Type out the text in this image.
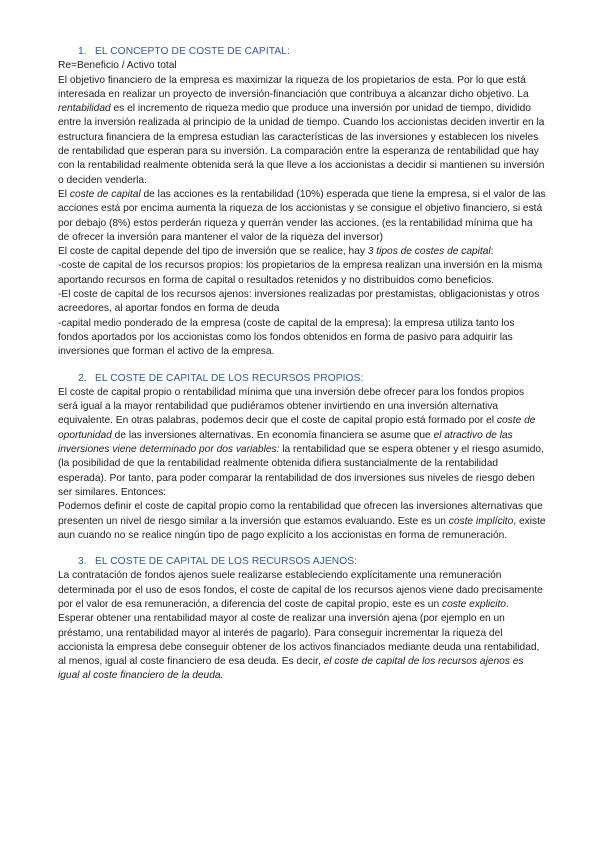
1. EL CONCEPTO DE COSTE DE CAPITAL:

Re=Beneficio / Activo total

El objetivo financiero de la empresa es maximizar la riqueza de los propietarios de esta. Por lo que está interesada en realizar un proyecto de inversión-financiación que contribuya a alcanzar dicho objetivo. La rentabilidad es el incremento de riqueza medio que produce una inversión por unidad de tiempo, dividido entre la inversión realizada al principio de la unidad de tiempo. Cuando los accionistas deciden invertir en la estructura financiera de la empresa estudian las características de las inversiones y establecen los niveles de rentabilidad que esperan para su inversión. La comparación entre la esperanza de rentabilidad que hay con la rentabilidad realmente obtenida será la que lleve a los accionistas a decidir si mantienen su inversión o deciden venderla.

El coste de capital de las acciones es la rentabilidad (10%) esperada que tiene la empresa, si el valor de las acciones está por encima aumenta la riqueza de los accionistas y se consigue el objetivo financiero, si está por debajo (8%) estos perderán riqueza y querrán vender las acciones. (es la rentabilidad mínima que ha de ofrecer la inversión para mantener el valor de la riqueza del inversor)

El coste de capital depende del tipo de inversión que se realice, hay 3 tipos de costes de capital:

-coste de capital de los recursos propios: los propietarios de la empresa realizan una inversión en la misma aportando recursos en forma de capital o resultados retenidos y no distribuidos como beneficios.

-El coste de capital de los recursos ajenos: inversiones realizadas por prestamistas, obligacionistas y otros acreedores, al aportar fondos en forma de deuda

-capital medio ponderado de la empresa (coste de capital de la empresa): la empresa utiliza tanto los fondos aportados por los accionistas como los fondos obtenidos en forma de pasivo para adquirir las inversiones que forman el activo de la empresa.

2. EL COSTE DE CAPITAL DE LOS RECURSOS PROPIOS:

El coste de capital propio o rentabilidad mínima que una inversión debe ofrecer para los fondos propios será igual a la mayor rentabilidad que pudiéramos obtener invirtiendo en una inversión alternativa equivalente. En otras palabras, podemos decir que el coste de capital propio está formado por el coste de oportunidad de las inversiones alternativas. En economía financiera se asume que el atractivo de las inversiones viene determinado por dos variables: la rentabilidad que se espera obtener y el riesgo asumido, (la posibilidad de que la rentabilidad realmente obtenida difiera sustancialmente de la rentabilidad esperada). Por tanto, para poder comparar la rentabilidad de dos inversiones sus niveles de riesgo deben ser similares. Entonces:

Podemos definir el coste de capital propio como la rentabilidad que ofrecen las inversiones alternativas que presenten un nivel de riesgo similar a la inversión que estamos evaluando. Este es un coste implícito, existe aun cuando no se realice ningún tipo de pago explícito a los accionistas en forma de remuneración.

3. EL COSTE DE CAPITAL DE LOS RECURSOS AJENOS:

La contratación de fondos ajenos suele realizarse estableciendo explícitamente una remuneración determinada por el uso de esos fondos, el coste de capital de los recursos ajenos viene dado precisamente por el valor de esa remuneración, a diferencia del coste de capital propio, este es un coste explicito. Esperar obtener una rentabilidad mayor al coste de realizar una inversión ajena (por ejemplo en un préstamo, una rentabilidad mayor al interés de pagarlo). Para conseguir incrementar la riqueza del accionista la empresa debe conseguir obtener de los activos financiados mediante deuda una rentabilidad, al menos, igual al coste financiero de esa deuda. Es decir, el coste de capital de los recursos ajenos es igual al coste financiero de la deuda.
